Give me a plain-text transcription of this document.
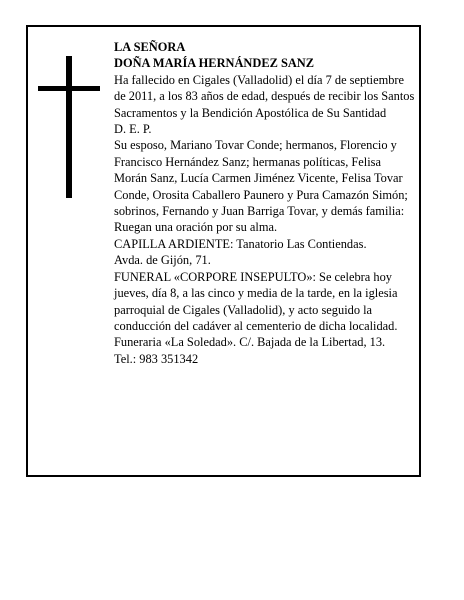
LA SEÑORA

DOÑA MARÍA HERNÁNDEZ SANZ

Ha fallecido en Cigales (Valladolid) el día 7 de septiembre de 2011, a los 83 años de edad, después de recibir los Santos Sacramentos y la Bendición Apostólica de Su Santidad

D. E. P.

Su esposo, Mariano Tovar Conde; hermanos, Florencio y Francisco Hernández Sanz; hermanas políticas, Felisa Morán Sanz, Lucía Carmen Jiménez Vicente, Felisa Tovar Conde, Orosita Caballero Paunero y Pura Camazón Simón; sobrinos, Fernando y Juan Barriga Tovar, y demás familia:

Ruegan una oración por su alma.

CAPILLA ARDIENTE: Tanatorio Las Contiendas.

Avda. de Gijón, 71.

FUNERAL «CORPORE INSEPULTO»: Se celebra hoy jueves, día 8, a las cinco y media de la tarde, en la iglesia parroquial de Cigales (Valladolid), y acto seguido la conducción del cadáver al cementerio de dicha localidad.

Funeraria «La Soledad». C/. Bajada de la Libertad, 13.

Tel.: 983 351342
